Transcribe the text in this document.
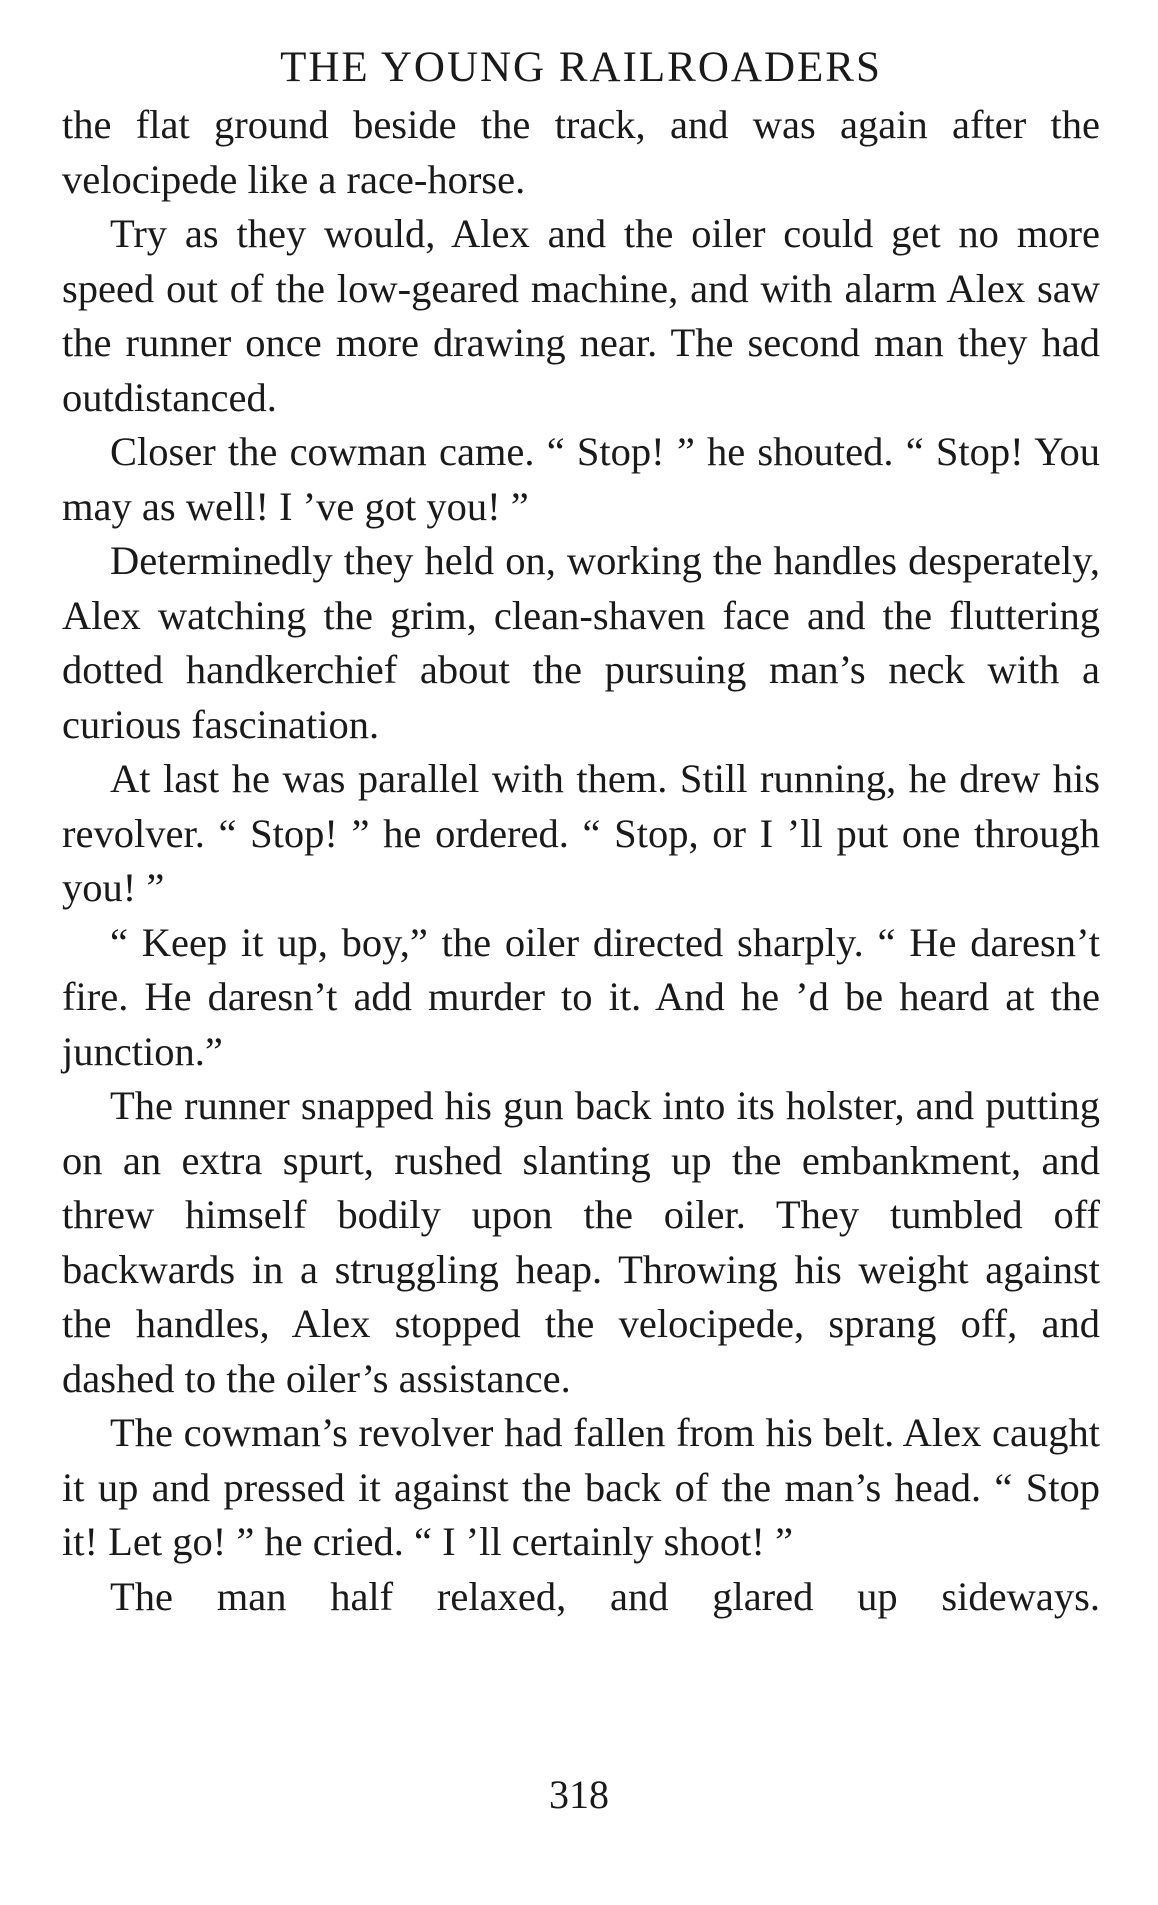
THE YOUNG RAILROADERS

the flat ground beside the track, and was again after the velocipede like a race-horse.

Try as they would, Alex and the oiler could get no more speed out of the low-geared machine, and with alarm Alex saw the runner once more drawing near. The second man they had outdistanced.

Closer the cowman came. “ Stop! ” he shouted. “ Stop! You may as well! I ’ve got you! ”

Determinedly they held on, working the handles desperately, Alex watching the grim, clean-shaven face and the fluttering dotted handkerchief about the pursuing man’s neck with a curious fascination.

At last he was parallel with them. Still running, he drew his revolver. “ Stop! ” he ordered. “ Stop, or I ’ll put one through you! ”

“ Keep it up, boy,” the oiler directed sharply. “ He daresn’t fire. He daresn’t add murder to it. And he ’d be heard at the junction.”

The runner snapped his gun back into its holster, and putting on an extra spurt, rushed slanting up the embankment, and threw himself bodily upon the oiler. They tumbled off backwards in a struggling heap. Throwing his weight against the handles, Alex stopped the velocipede, sprang off, and dashed to the oiler’s assistance.

The cowman’s revolver had fallen from his belt. Alex caught it up and pressed it against the back of the man’s head. “ Stop it! Let go! ” he cried. “ I ’ll certainly shoot! ”

The man half relaxed, and glared up sideways.

318
